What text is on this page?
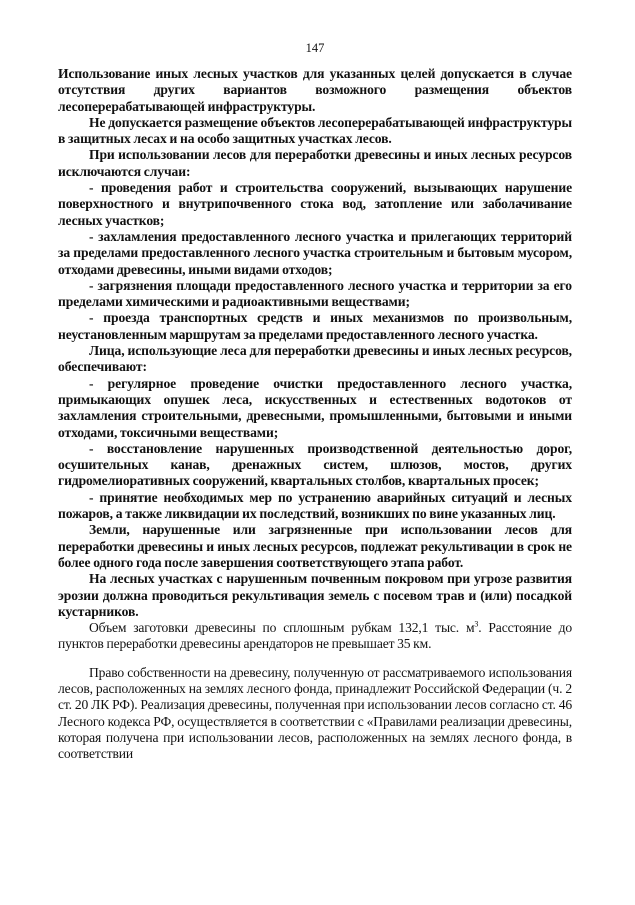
147

Использование иных лесных участков для указанных целей допускается в случае отсутствия других вариантов возможного размещения объектов лесоперерабатывающей инфраструктуры.

Не допускается размещение объектов лесоперерабатывающей инфраструктуры в защитных лесах и на особо защитных участках лесов.

При использовании лесов для переработки древесины и иных лесных ресурсов исключаются случаи:

- проведения работ и строительства сооружений, вызывающих нарушение поверхностного и внутрипочвенного стока вод, затопление или заболачивание лесных участков;

- захламления предоставленного лесного участка и прилегающих территорий за пределами предоставленного лесного участка строительным и бытовым мусором, отходами древесины, иными видами отходов;

- загрязнения площади предоставленного лесного участка и территории за его пределами химическими и радиоактивными веществами;

- проезда транспортных средств и иных механизмов по произвольным, неустановленным маршрутам за пределами предоставленного лесного участка.

Лица, использующие леса для переработки древесины и иных лесных ресурсов, обеспечивают:

- регулярное проведение очистки предоставленного лесного участка, примыкающих опушек леса, искусственных и естественных водотоков от захламления строительными, древесными, промышленными, бытовыми и иными отходами, токсичными веществами;

- восстановление нарушенных производственной деятельностью дорог, осушительных канав, дренажных систем, шлюзов, мостов, других гидромелиоративных сооружений, квартальных столбов, квартальных просек;

- принятие необходимых мер по устранению аварийных ситуаций и лесных пожаров, а также ликвидации их последствий, возникших по вине указанных лиц.

Земли, нарушенные или загрязненные при использовании лесов для переработки древесины и иных лесных ресурсов, подлежат рекультивации в срок не более одного года после завершения соответствующего этапа работ.

На лесных участках с нарушенным почвенным покровом при угрозе развития эрозии должна проводиться рекультивация земель с посевом трав и (или) посадкой кустарников.

Объем заготовки древесины по сплошным рубкам 132,1 тыс. $м^3$. Расстояние до пунктов переработки древесины арендаторов не превышает 35 км.

Право собственности на древесину, полученную от рассматриваемого использования лесов, расположенных на землях лесного фонда, принадлежит Российской Федерации (ч. 2 ст. 20 ЛК РФ). Реализация древесины, полученная при использовании лесов согласно ст. 46 Лесного кодекса РФ, осуществляется в соответствии с «Правилами реализации древесины, которая получена при использовании лесов, расположенных на землях лесного фонда, в соответствии
